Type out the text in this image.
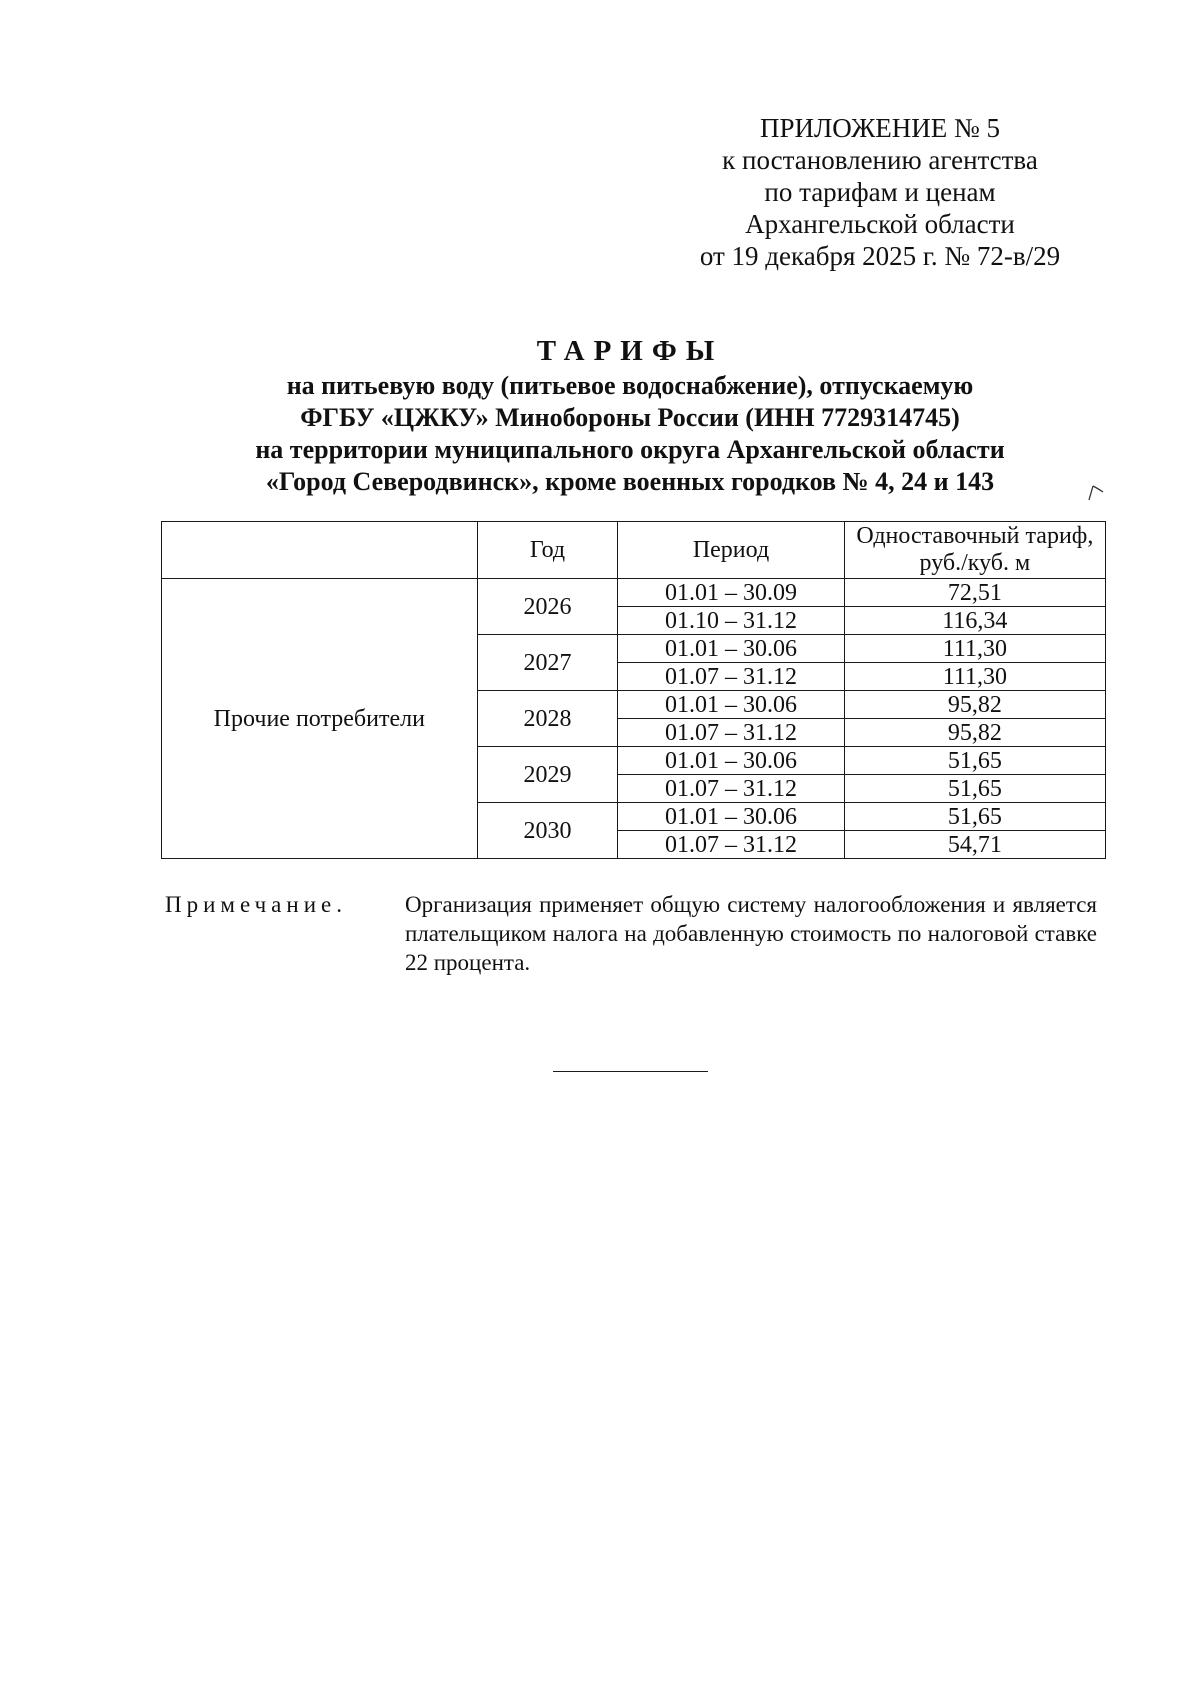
ПРИЛОЖЕНИЕ № 5
к постановлению агентства
по тарифам и ценам
Архангельской области
от 19 декабря 2025 г. № 72-в/29
ТАРИФЫ
на питьевую воду (питьевое водоснабжение), отпускаемую
ФГБУ «ЦЖКУ» Минобороны России (ИНН 7729314745)
на территории муниципального округа Архангельской области
«Город Северодвинск», кроме военных городков № 4, 24 и 143
	Год	Период	Одноставочный тариф, руб./куб. м
Прочие потребители	2026	01.01 – 30.09	72,51
		01.10 – 31.12	116,34
	2027	01.01 – 30.06	111,30
		01.07 – 31.12	111,30
	2028	01.01 – 30.06	95,82
		01.07 – 31.12	95,82
	2029	01.01 – 30.06	51,65
		01.07 – 31.12	51,65
	2030	01.01 – 30.06	51,65
		01.07 – 31.12	54,71
Примечание.	Организация применяет общую систему налогообложения и является плательщиком налога на добавленную стоимость по налоговой ставке 22 процента.
